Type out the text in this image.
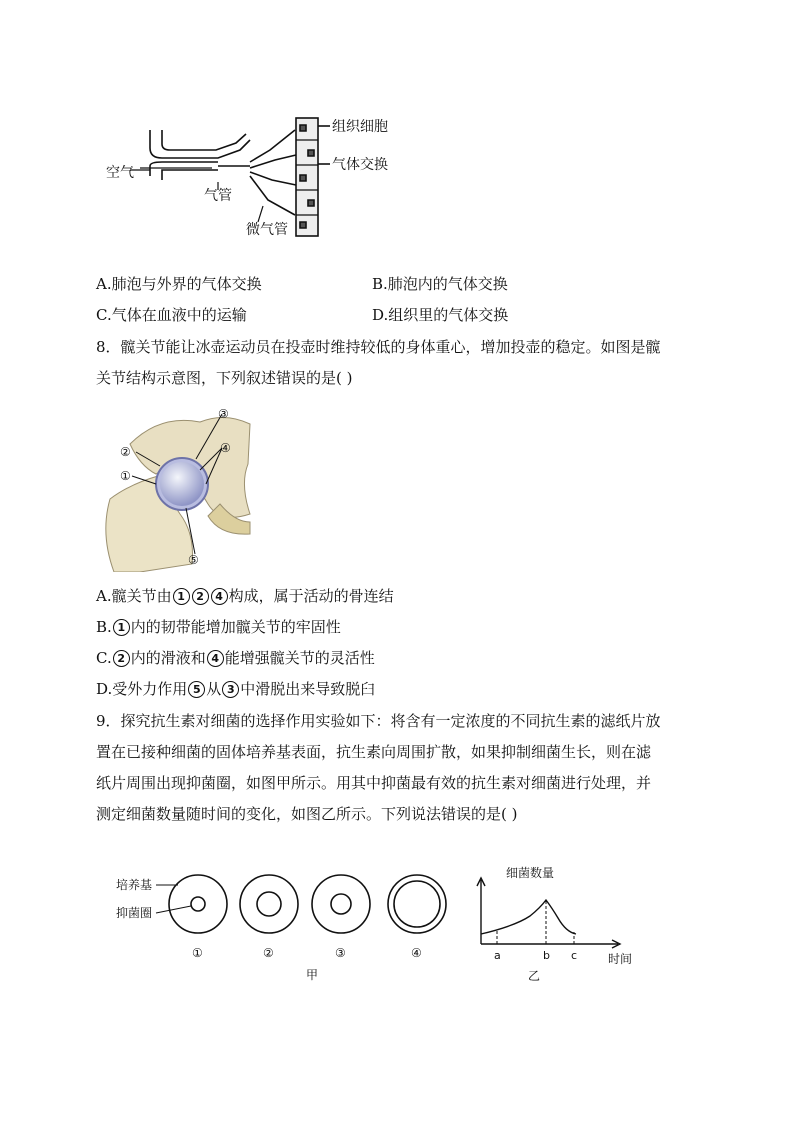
空气
气管
微气管
组织细胞
气体交换
A.肺泡与外界的气体交换	B.肺泡内的气体交换
C.气体在血液中的运输	D.组织里的气体交换
8．髋关节能让冰壶运动员在投壶时维持较低的身体重心，增加投壶的稳定。如图是髋
关节结构示意图，下列叙述错误的是( )
③
④
②
①
⑤
A.髋关节由 1 2 4 构成，属于活动的骨连结
B. 1 内的韧带能增加髋关节的牢固性
C. 2 内的滑液和 4 能增强髋关节的灵活性
D.受外力作用 5 从 3 中滑脱出来导致脱臼
9．探究抗生素对细菌的选择作用实验如下：将含有一定浓度的不同抗生素的滤纸片放
置在已接种细菌的固体培养基表面，抗生素向周围扩散，如果抑制细菌生长，则在滤
纸片周围出现抑菌圈，如图甲所示。用其中抑菌最有效的抗生素对细菌进行处理，并
测定细菌数量随时间的变化，如图乙所示。下列说法错误的是( )
培养基
抑菌圈
①	②	③	④
甲
细菌数量
时间
a	b c
乙
